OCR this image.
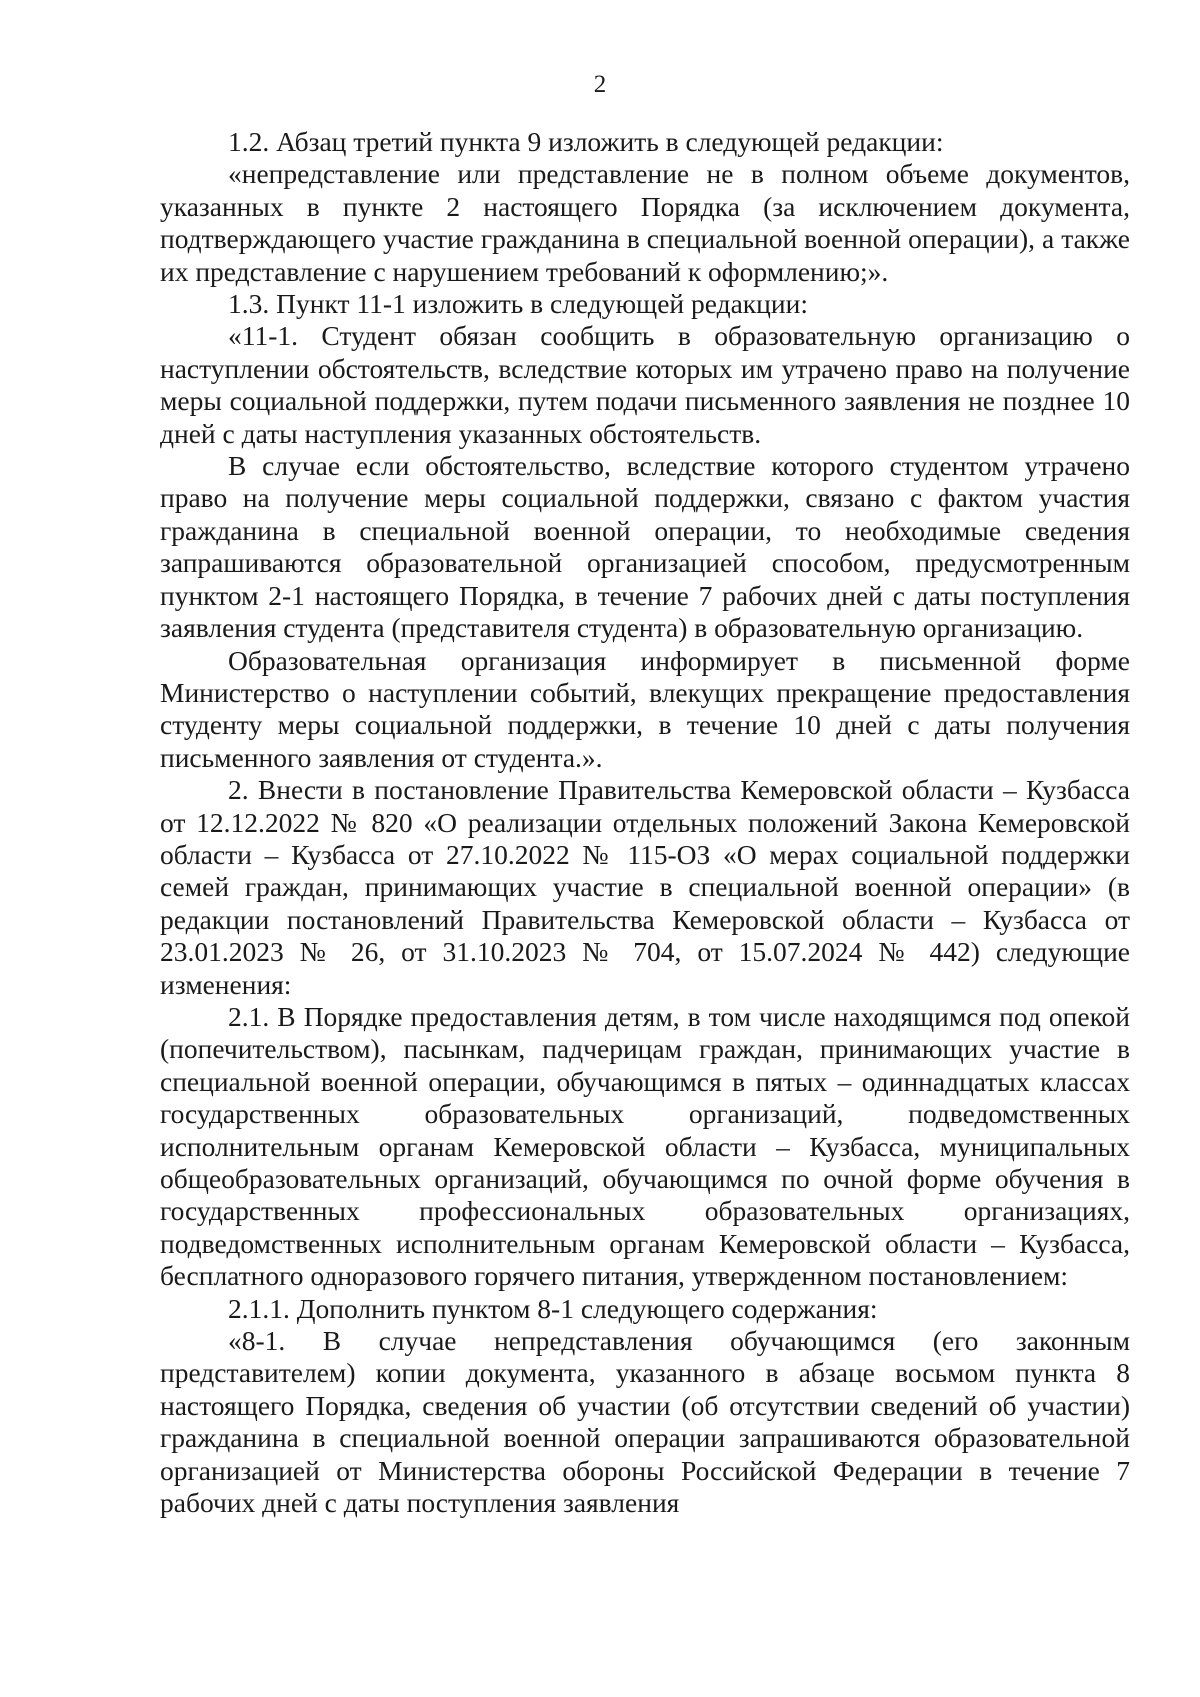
2

1.2. Абзац третий пункта 9 изложить в следующей редакции:

«непредставление или представление не в полном объеме документов, указанных в пункте 2 настоящего Порядка (за исключением документа, подтверждающего участие гражданина в специальной военной операции), а также их представление с нарушением требований к оформлению;».

1.3. Пункт 11-1 изложить в следующей редакции:

«11-1. Студент обязан сообщить в образовательную организацию о наступлении обстоятельств, вследствие которых им утрачено право на получение меры социальной поддержки, путем подачи письменного заявления не позднее 10 дней с даты наступления указанных обстоятельств.

В случае если обстоятельство, вследствие которого студентом утрачено право на получение меры социальной поддержки, связано с фактом участия гражданина в специальной военной операции, то необходимые сведения запрашиваются образовательной организацией способом, предусмотренным пунктом 2-1 настоящего Порядка, в течение 7 рабочих дней с даты поступления заявления студента (представителя студента) в образовательную организацию.

Образовательная организация информирует в письменной форме Министерство о наступлении событий, влекущих прекращение предоставления студенту меры социальной поддержки, в течение 10 дней с даты получения письменного заявления от студента.».

2. Внести в постановление Правительства Кемеровской области – Кузбасса от 12.12.2022 № 820 «О реализации отдельных положений Закона Кемеровской области – Кузбасса от 27.10.2022 № 115-ОЗ «О мерах социальной поддержки семей граждан, принимающих участие в специальной военной операции» (в редакции постановлений Правительства Кемеровской области – Кузбасса от 23.01.2023 № 26, от 31.10.2023 № 704, от 15.07.2024 № 442) следующие изменения:

2.1. В Порядке предоставления детям, в том числе находящимся под опекой (попечительством), пасынкам, падчерицам граждан, принимающих участие в специальной военной операции, обучающимся в пятых – одиннадцатых классах государственных образовательных организаций, подведомственных исполнительным органам Кемеровской области – Кузбасса, муниципальных общеобразовательных организаций, обучающимся по очной форме обучения в государственных профессиональных образовательных организациях, подведомственных исполнительным органам Кемеровской области – Кузбасса, бесплатного одноразового горячего питания, утвержденном постановлением:

2.1.1. Дополнить пунктом 8-1 следующего содержания:

«8-1. В случае непредставления обучающимся (его законным представителем) копии документа, указанного в абзаце восьмом пункта 8 настоящего Порядка, сведения об участии (об отсутствии сведений об участии) гражданина в специальной военной операции запрашиваются образовательной организацией от Министерства обороны Российской Федерации в течение 7 рабочих дней с даты поступления заявления
